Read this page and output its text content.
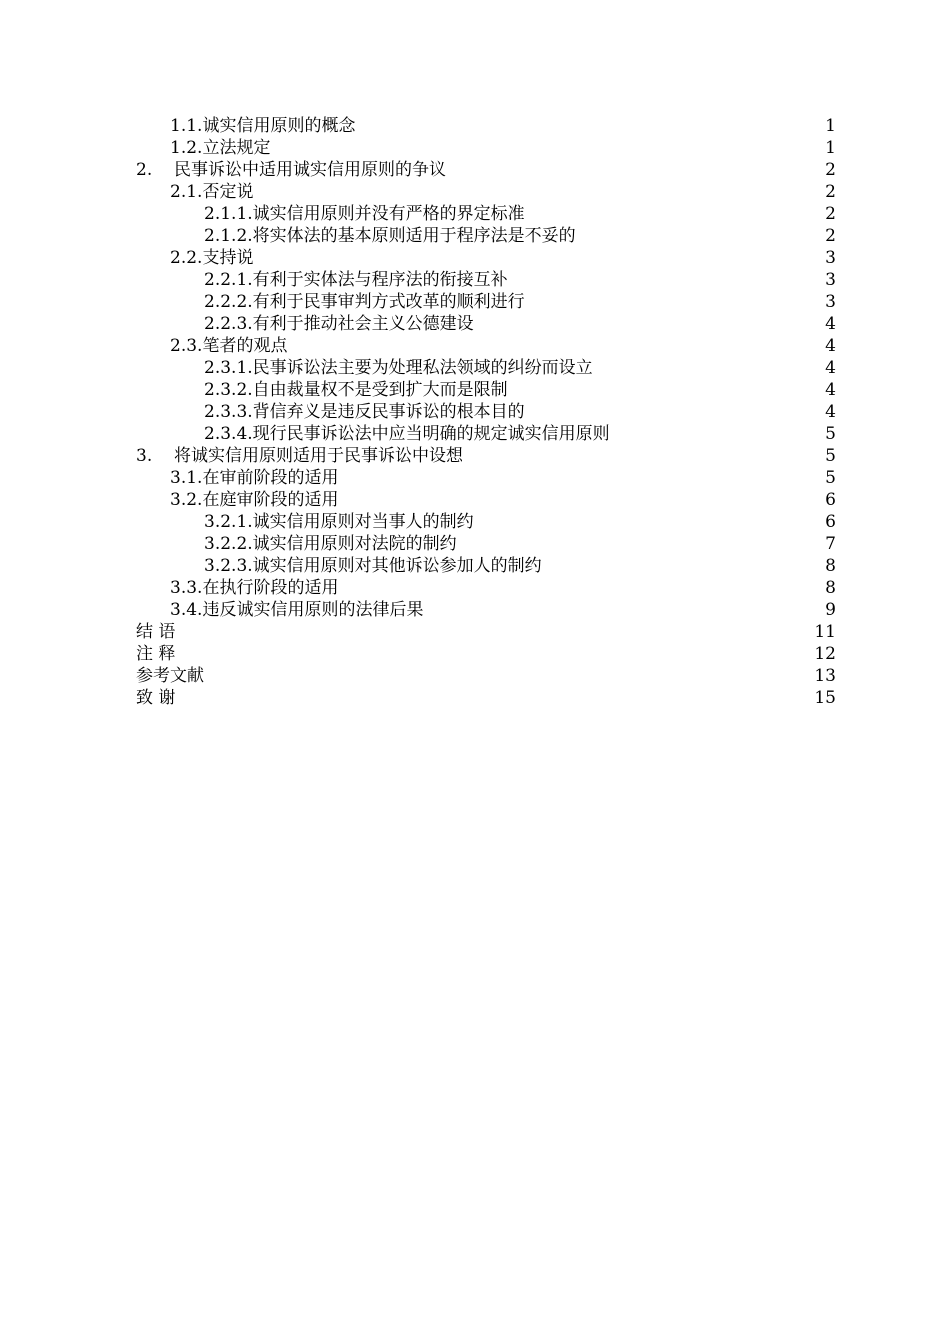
1.1.诚实信用原则的概念	1
1.2.立法规定	1
2. 民事诉讼中适用诚实信用原则的争议	2
2.1.否定说	2
2.1.1.诚实信用原则并没有严格的界定标准	2
2.1.2.将实体法的基本原则适用于程序法是不妥的	2
2.2.支持说	3
2.2.1.有利于实体法与程序法的衔接互补	3
2.2.2.有利于民事审判方式改革的顺利进行	3
2.2.3.有利于推动社会主义公德建设	4
2.3.笔者的观点	4
2.3.1.民事诉讼法主要为处理私法领域的纠纷而设立	4
2.3.2.自由裁量权不是受到扩大而是限制	4
2.3.3.背信弃义是违反民事诉讼的根本目的	4
2.3.4.现行民事诉讼法中应当明确的规定诚实信用原则	5
3. 将诚实信用原则适用于民事诉讼中设想	5
3.1.在审前阶段的适用	5
3.2.在庭审阶段的适用	6
3.2.1.诚实信用原则对当事人的制约	6
3.2.2.诚实信用原则对法院的制约	7
3.2.3.诚实信用原则对其他诉讼参加人的制约	8
3.3.在执行阶段的适用	8
3.4.违反诚实信用原则的法律后果	9
结 语	11
注 释	12
参考文献	13
致 谢	15
